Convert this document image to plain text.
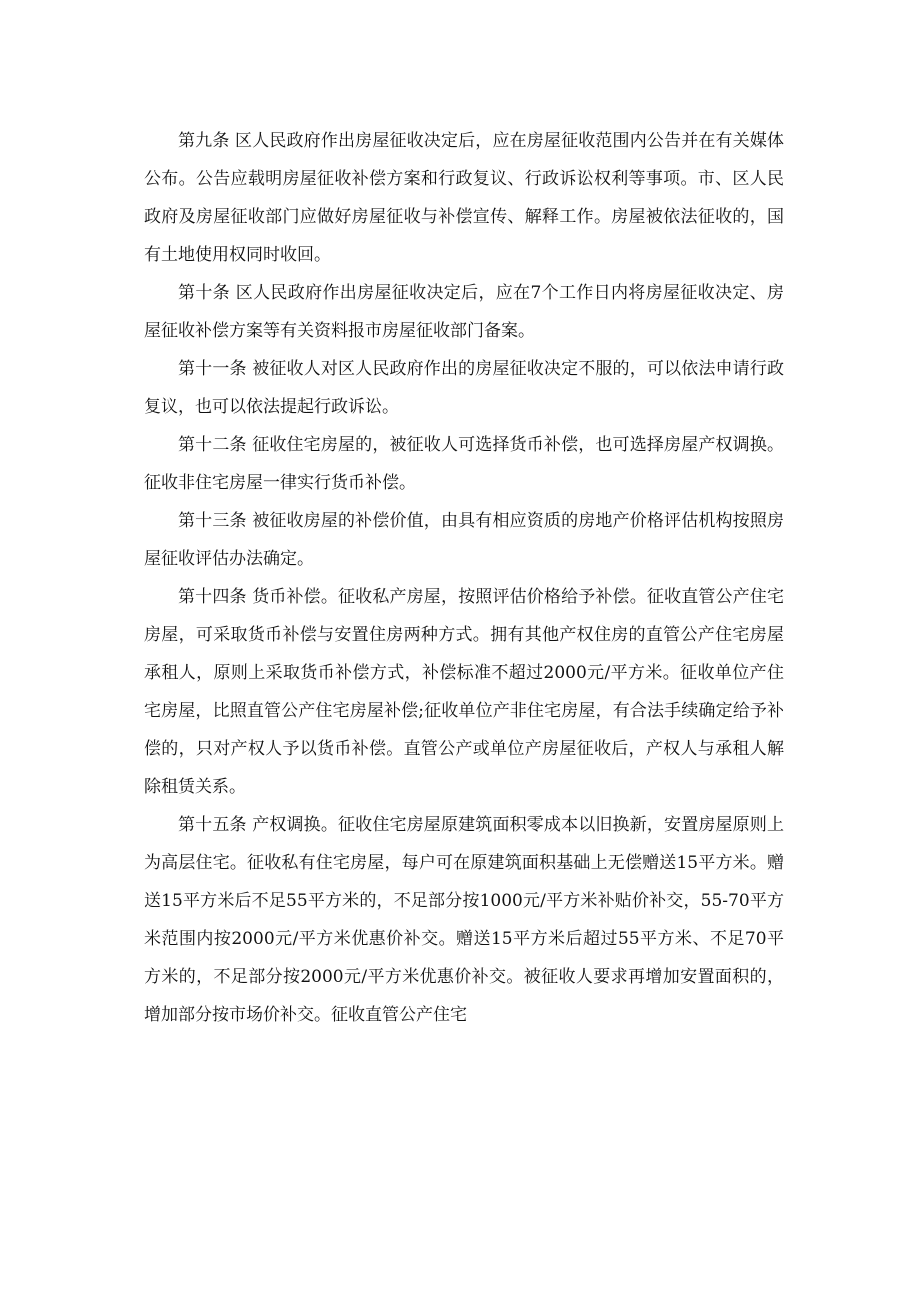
第九条 区人民政府作出房屋征收决定后，应在房屋征收范围内公告并在有关媒体公布。公告应载明房屋征收补偿方案和行政复议、行政诉讼权利等事项。市、区人民政府及房屋征收部门应做好房屋征收与补偿宣传、解释工作。房屋被依法征收的，国有土地使用权同时收回。

第十条 区人民政府作出房屋征收决定后，应在7个工作日内将房屋征收决定、房屋征收补偿方案等有关资料报市房屋征收部门备案。

第十一条 被征收人对区人民政府作出的房屋征收决定不服的，可以依法申请行政复议，也可以依法提起行政诉讼。

第十二条 征收住宅房屋的，被征收人可选择货币补偿，也可选择房屋产权调换。征收非住宅房屋一律实行货币补偿。

第十三条 被征收房屋的补偿价值，由具有相应资质的房地产价格评估机构按照房屋征收评估办法确定。

第十四条 货币补偿。征收私产房屋，按照评估价格给予补偿。征收直管公产住宅房屋，可采取货币补偿与安置住房两种方式。拥有其他产权住房的直管公产住宅房屋承租人，原则上采取货币补偿方式，补偿标准不超过2000元/平方米。征收单位产住宅房屋，比照直管公产住宅房屋补偿;征收单位产非住宅房屋，有合法手续确定给予补偿的，只对产权人予以货币补偿。直管公产或单位产房屋征收后，产权人与承租人解除租赁关系。

第十五条 产权调换。征收住宅房屋原建筑面积零成本以旧换新，安置房屋原则上为高层住宅。征收私有住宅房屋，每户可在原建筑面积基础上无偿赠送15平方米。赠送15平方米后不足55平方米的，不足部分按1000元/平方米补贴价补交，55-70平方米范围内按2000元/平方米优惠价补交。赠送15平方米后超过55平方米、不足70平方米的，不足部分按2000元/平方米优惠价补交。被征收人要求再增加安置面积的，增加部分按市场价补交。征收直管公产住宅
